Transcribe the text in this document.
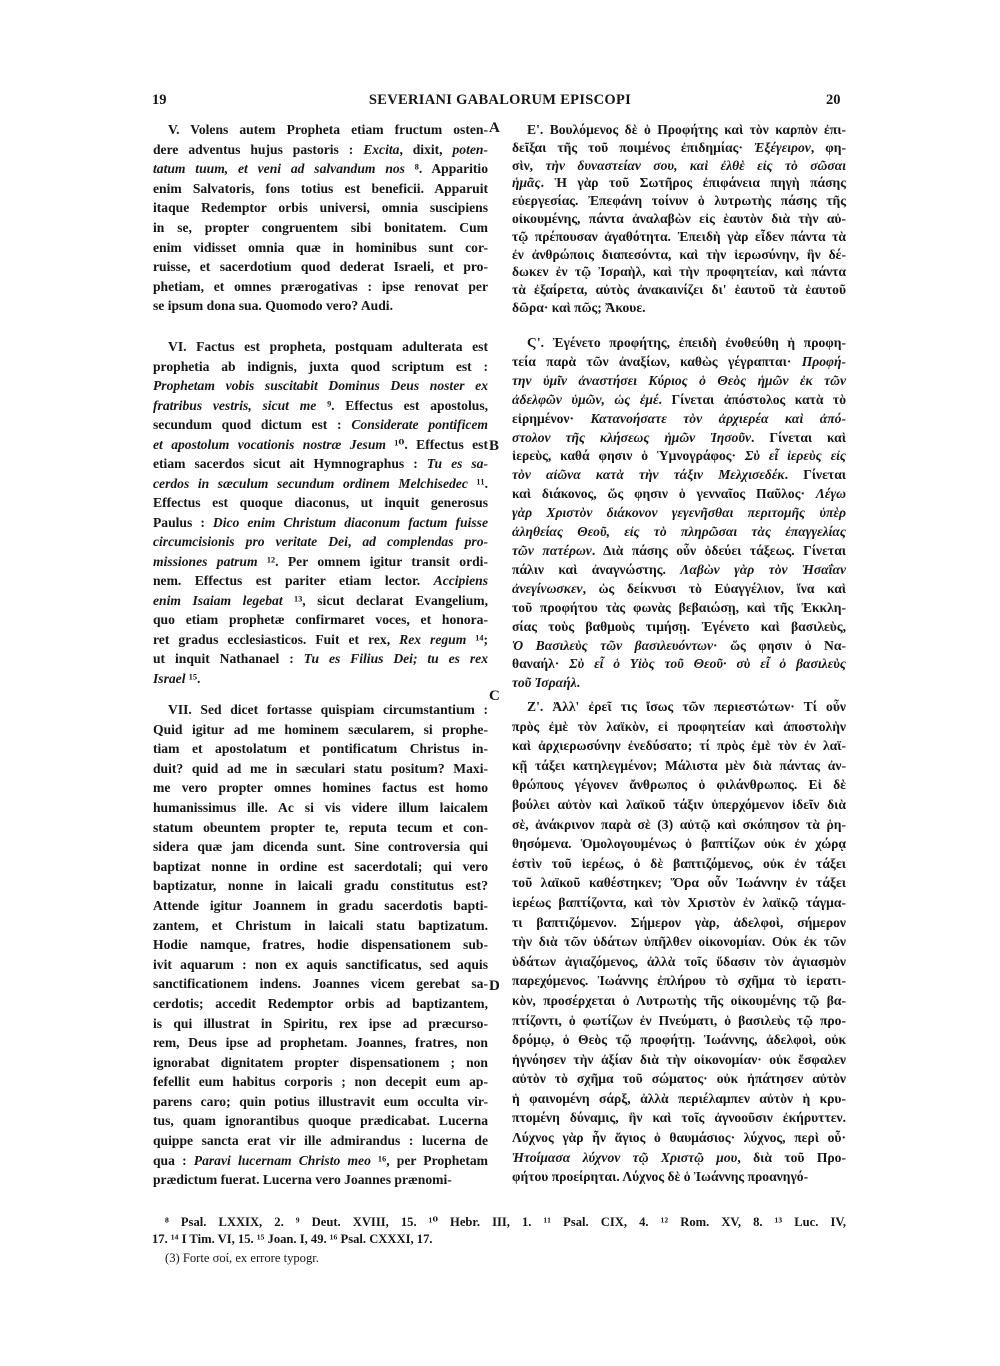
19	SEVERIANI GABALORUM EPISCOPI	20
V. Volens autem Propheta etiam fructum osten-
dere adventus hujus pastoris : Excita, dixit, poten-
tatum tuum, et veni ad salvandum nos ⁸. Apparitio
enim Salvatoris, fons totius est beneficii. Apparuit
itaque Redemptor orbis universi, omnia suscipiens
in se, propter congruentem sibi bonitatem. Cum
enim vidisset omnia quæ in hominibus sunt cor-
ruisse, et sacerdotium quod dederat Israeli, et pro-
phetiam, et omnes prærogativas : ipse renovat per
se ipsum dona sua. Quomodo vero? Audi.
VI. Factus est propheta, postquam adulterata est
prophetia ab indignis, juxta quod scriptum est :
Prophetam vobis suscitabit Dominus Deus noster ex
fratribus vestris, sicut me ⁹. Effectus est apostolus,
secundum quod dictum est : Considerate pontificem
et apostolum vocationis nostræ Jesum ¹⁰. Effectus est
etiam sacerdos sicut ait Hymnographus : Tu es sa-
cerdos in sæculum secundum ordinem Melchisedec ¹¹.
Effectus est quoque diaconus, ut inquit generosus
Paulus : Dico enim Christum diaconum factum fuisse
circumcisionis pro veritate Dei, ad complendas pro-
missiones patrum ¹². Per omnem igitur transit ordi-
nem. Effectus est pariter etiam lector. Accipiens
enim Isaiam legebat ¹³, sicut declarat Evangelium,
quo etiam prophetæ confirmaret voces, et honora-
ret gradus ecclesiasticos. Fuit et rex, Rex regum ¹⁴;
ut inquit Nathanael : Tu es Filius Dei; tu es rex
Israel ¹⁵.
VII. Sed dicet fortasse quispiam circumstantium :
Quid igitur ad me hominem sæcularem, si prophe-
tiam et apostolatum et pontificatum Christus in-
duit? quid ad me in sæculari statu positum? Maxi-
me vero propter omnes homines factus est homo
humanissimus ille. Ac si vis videre illum laicalem
statum obeuntem propter te, reputa tecum et con-
sidera quæ jam dicenda sunt. Sine controversia qui
baptizat nonne in ordine est sacerdotali; qui vero
baptizatur, nonne in laicali gradu constitutus est?
Attende igitur Joannem in gradu sacerdotis bapti-
zantem, et Christum in laicali statu baptizatum.
Hodie namque, fratres, hodie dispensationem sub-
ivit aquarum : non ex aquis sanctificatus, sed aquis
sanctificationem indens. Joannes vicem gerebat sa-
cerdotis; accedit Redemptor orbis ad baptizantem,
is qui illustrat in Spiritu, rex ipse ad præcurso-
rem, Deus ipse ad prophetam. Joannes, fratres, non
ignorabat dignitatem propter dispensationem ; non
fefellit eum habitus corporis ; non decepit eum ap-
parens caro; quin potius illustravit eum occulta vir-
tus, quam ignorantibus quoque prædicabat. Lucerna
quippe sancta erat vir ille admirandus : lucerna de
qua : Paravi lucernam Christo meo ¹⁶, per Prophetam
prædictum fuerat. Lucerna vero Joannes prænomi-
Ε'. Βουλόμενος δὲ ὁ Προφήτης καὶ τὸν καρπὸν ἐπι-
δεῖξαι τῆς τοῦ ποιμένος ἐπιδημίας· Ἐξέγειρον, φη-
σὶν, τὴν δυναστείαν σου, καὶ ἐλθὲ εἰς τὸ σῶσαι
ἡμᾶς. Ἡ γὰρ τοῦ Σωτῆρος ἐπιφάνεια πηγὴ πάσης
εὐεργεσίας. Ἐπεφάνη τοίνυν ὁ λυτρωτὴς πάσης τῆς
οἰκουμένης, πάντα ἀναλαβὼν εἰς ἑαυτὸν διὰ τὴν αὐ-
τῷ πρέπουσαν ἀγαθότητα. Ἐπειδὴ γὰρ εἶδεν πάντα τὰ
ἐν ἀνθρώποις διαπεσόντα, καὶ τὴν ἱερωσύνην, ἣν δέ-
δωκεν ἐν τῷ Ἰσραὴλ, καὶ τὴν προφητείαν, καὶ πάντα
τὰ ἐξαίρετα, αὐτὸς ἀνακαινίζει δι' ἑαυτοῦ τὰ ἑαυτοῦ
δῶρα· καὶ πῶς; Ἄκουε.
Ϛ'. Ἐγένετο προφήτης, ἐπειδὴ ἐνοθεύθη ἡ προφη-
τεία παρὰ τῶν ἀναξίων, καθὼς γέγραπται· Προφή-
την ὑμῖν ἀναστήσει Κύριος ὁ Θεὸς ἡμῶν ἐκ τῶν
ἀδελφῶν ὑμῶν, ὡς ἐμέ. Γίνεται ἀπόστολος κατὰ τὸ
εἰρημένον· Κατανοήσατε τὸν ἀρχιερέα καὶ ἀπό-
στολον τῆς κλήσεως ἡμῶν Ἰησοῦν. Γίνεται καὶ
ἱερεὺς, καθά φησιν ὁ Ὑμνογράφος· Σὺ εἶ ἱερεὺς εἰς
τὸν αἰῶνα κατὰ τὴν τάξιν Μελχισεδέκ. Γίνεται
καὶ διάκονος, ὥς φησιν ὁ γενναῖος Παῦλος· Λέγω
γὰρ Χριστὸν διάκονον γεγενῆσθαι περιτομῆς ὑπὲρ
ἀληθείας Θεοῦ, εἰς τὸ πληρῶσαι τὰς ἐπαγγελίας
τῶν πατέρων. Διὰ πάσης οὖν ὁδεύει τάξεως. Γίνεται
πάλιν καὶ ἀναγνώστης. Λαβὼν γὰρ τὸν Ἡσαΐαν
ἀνεγίνωσκεν, ὡς δείκνυσι τὸ Εὐαγγέλιον, ἵνα καὶ
τοῦ προφήτου τὰς φωνὰς βεβαιώσῃ, καὶ τῆς Ἐκκλη-
σίας τοὺς βαθμοὺς τιμήσῃ. Ἐγένετο καὶ βασιλεὺς,
Ὁ Βασιλεὺς τῶν βασιλευόντων· ὥς φησιν ὁ Να-
θαναήλ· Σὺ εἶ ὁ Υἱὸς τοῦ Θεοῦ· σὺ εἶ ὁ βασιλεὺς
τοῦ Ἰσραήλ.
Ζ'. Ἀλλ' ἐρεῖ τις ἴσως τῶν περιεστώτων· Τί οὖν
πρὸς ἐμὲ τὸν λαϊκὸν, εἰ προφητείαν καὶ ἀποστολὴν
καὶ ἀρχιερωσύνην ἐνεδύσατο; τί πρὸς ἐμὲ τὸν ἐν λαϊ-
κῇ τάξει κατηλεγμένον; Μάλιστα μὲν διὰ πάντας ἀν-
θρώπους γέγονεν ἄνθρωπος ὁ φιλάνθρωπος. Εἰ δὲ
βούλει αὐτὸν καὶ λαϊκοῦ τάξιν ὑπερχόμενον ἰδεῖν διὰ
σὲ, ἀνάκρινον παρὰ σὲ (3) αὐτῷ καὶ σκόπησον τὰ ῥη-
θησόμενα. Ὁμολογουμένως ὁ βαπτίζων οὐκ ἐν χώρᾳ
ἐστὶν τοῦ ἱερέως, ὁ δὲ βαπτιζόμενος, οὐκ ἐν τάξει
τοῦ λαϊκοῦ καθέστηκεν; Ὅρα οὖν Ἰωάννην ἐν τάξει
ἱερέως βαπτίζοντα, καὶ τὸν Χριστὸν ἐν λαϊκῷ τάγμα-
τι βαπτιζόμενον. Σήμερον γὰρ, ἀδελφοὶ, σήμερον
τὴν διὰ τῶν ὑδάτων ὑπῆλθεν οἰκονομίαν. Οὐκ ἐκ τῶν
ὑδάτων ἁγιαζόμενος, ἀλλὰ τοῖς ὕδασιν τὸν ἁγιασμὸν
παρεχόμενος. Ἰωάννης ἐπλήρου τὸ σχῆμα τὸ ἱερατι-
κὸν, προσέρχεται ὁ Λυτρωτὴς τῆς οἰκουμένης τῷ βα-
πτίζοντι, ὁ φωτίζων ἐν Πνεύματι, ὁ βασιλεὺς τῷ προ-
δρόμῳ, ὁ Θεὸς τῷ προφήτῃ. Ἰωάννης, ἀδελφοὶ, οὐκ
ἠγνόησεν τὴν ἀξίαν διὰ τὴν οἰκονομίαν· οὐκ ἔσφαλεν
αὐτὸν τὸ σχῆμα τοῦ σώματος· οὐκ ἠπάτησεν αὐτὸν
ἡ φαινομένη σάρξ, ἀλλὰ περιέλαμπεν αὐτὸν ἡ κρυ-
πτομένη δύναμις, ἣν καὶ τοῖς ἀγνοοῦσιν ἐκήρυττεν.
Λύχνος γὰρ ἦν ἅγιος ὁ θαυμάσιος· λύχνος, περὶ οὗ·
Ἡτοίμασα λύχνον τῷ Χριστῷ μου, διὰ τοῦ Προ-
φήτου προείρηται. Λύχνος δὲ ὁ Ἰωάννης προανηγό-
A
B
C
D
⁸ Psal. LXXIX, 2. ⁹ Deut. XVIII, 15. ¹⁰ Hebr. III, 1. ¹¹ Psal. CIX, 4. ¹² Rom. XV, 8. ¹³ Luc. IV,
17. ¹⁴ I Tim. VI, 15. ¹⁵ Joan. I, 49. ¹⁶ Psal. CXXXI, 17.
(3) Forte σοί, ex errore typogr.
